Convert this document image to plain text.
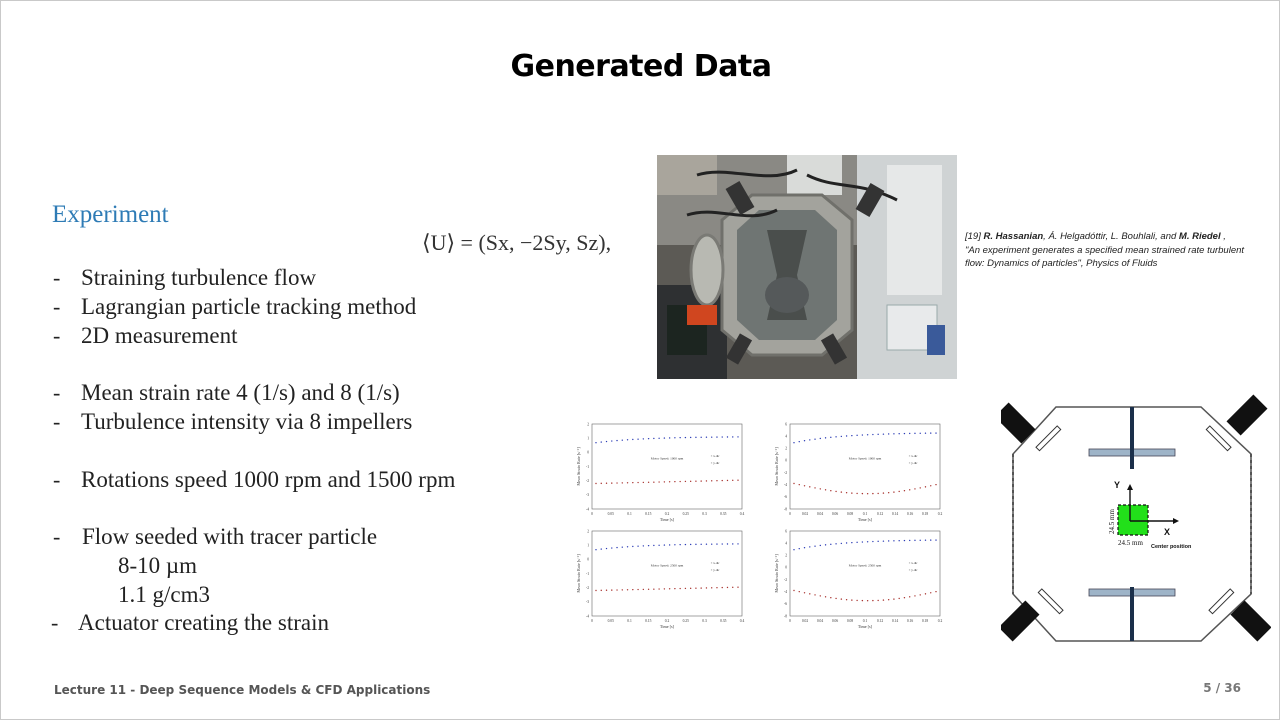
Generated Data
Experiment
⟨U⟩ = (Sx, −2Sy, Sz),
- Straining turbulence flow
- Lagrangian particle tracking method
- 2D measurement
- Mean strain rate 4 (1/s) and 8 (1/s)
- Turbulence intensity via 8 impellers
- Rotations speed 1000 rpm and 1500 rpm
- Flow seeded with tracer particle
8-10 µm
1.1 g/cm3
- Actuator creating the strain
[19] R. Hassanian, Á. Helgadóttir, L. Bouhlali, and M. Riedel ,
"An experiment generates a specified mean strained rate turbulent flow: Dynamics of particles", Physics of Fluids
0	0.05	0.1	0.15	0.2	0.25	0.3	0.35	0.4
2
1
0
-1
-2
-3
-4
Time [s]
Mean Strain Rate [s⁻¹]	Motor Speed: 1000 rpm
× x-dir
× y-dir
0	0.02 0.04 0.06 0.08	0.1	0.12 0.14 0.16 0.18	0.2
6
4
2
0
-2
-4
-6
-8
Time [s]
Mean Strain Rate [s⁻¹]	Motor Speed: 1000 rpm
× x-dir
× y-dir
0	0.05	0.1	0.15	0.2	0.25	0.3	0.35	0.4
2
1
0
-1
-2
-3
-4
Time [s]
Mean Strain Rate [s⁻¹]	Motor Speed: 2500 rpm
× x-dir
× y-dir
0	0.02 0.04 0.06 0.08	0.1	0.12 0.14 0.16 0.18	0.2
6
4
2
0
-2
-4
-6
-8
Time [s]
Mean Strain Rate [s⁻¹]	Motor Speed: 2500 rpm
× x-dir
× y-dir
Y
X
24.5 mm
24.5 mm Center position
Lecture 11 - Deep Sequence Models & CFD Applications	5 / 36
